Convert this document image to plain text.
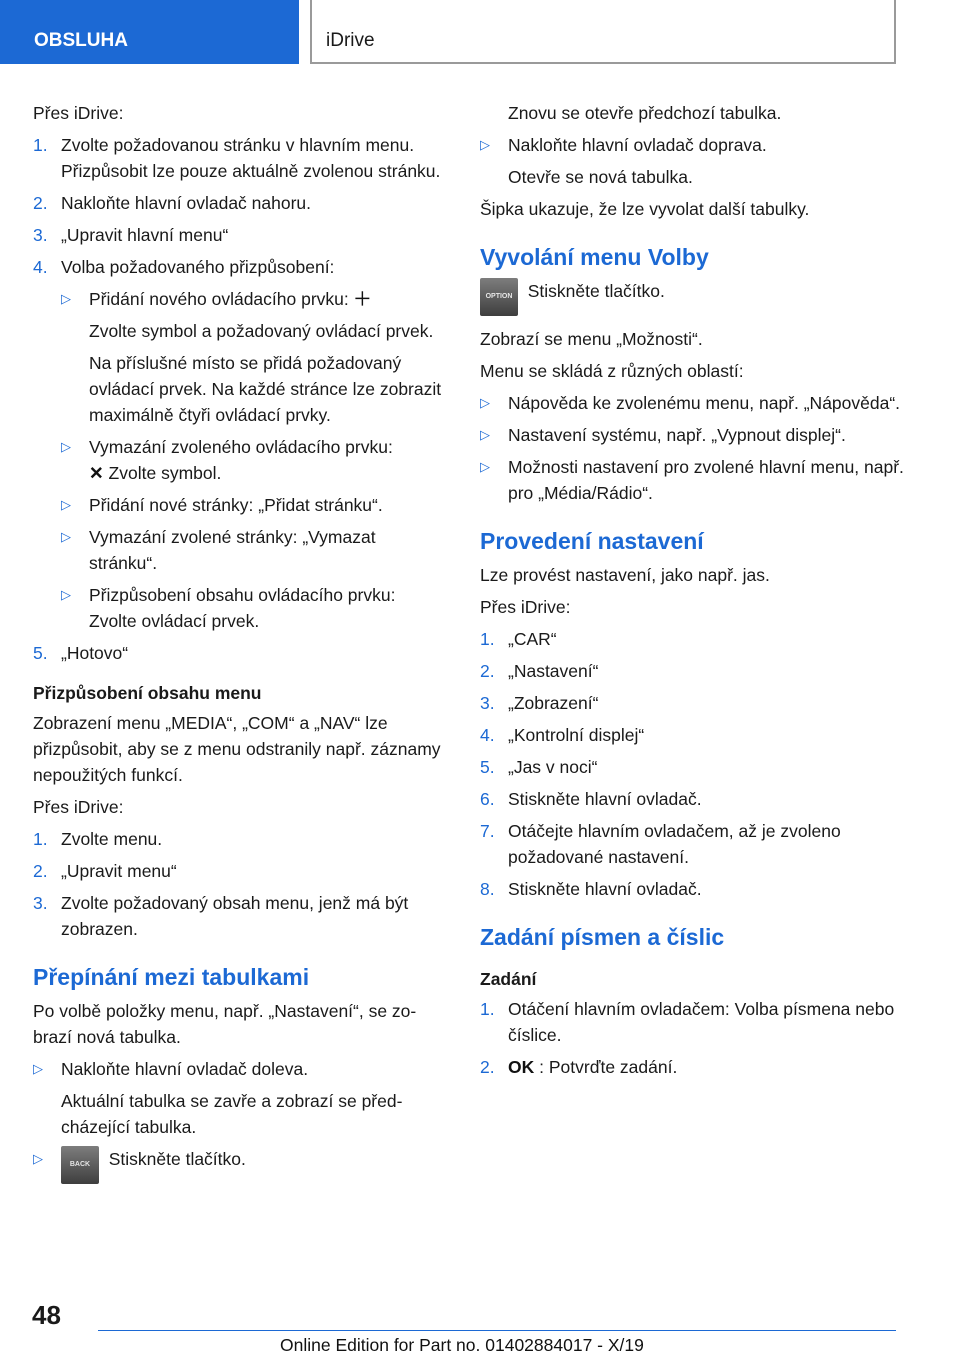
OBSLUHA	iDrive

Přes iDrive:

1. Zvolte požadovanou stránku v hlavním menu. Přizpůsobit lze pouze aktuálně zvolenou stránku.
2. Nakloňte hlavní ovladač nahoru.
3. „Upravit hlavní menu“
4. Volba požadovaného přizpůsobení:
▷ Přidání nového ovládacího prvku: ＋
Zvolte symbol a požadovaný ovládací prvek.
Na příslušné místo se přidá požadovaný ovládací prvek. Na každé stránce lze zobrazit maximálně čtyři ovládací prvky.
▷ Vymazání zvoleného ovládacího prvku:
✕ Zvolte symbol.
▷ Přidání nové stránky: „Přidat stránku“.
▷ Vymazání zvolené stránky: „Vymazat stránku“.
▷ Přizpůsobení obsahu ovládacího prvku: Zvolte ovládací prvek.
5. „Hotovo“
Přizpůsobení obsahu menu

Zobrazení menu „MEDIA“, „COM“ a „NAV“ lze přizpůsobit, aby se z menu odstranily např. záznamy nepoužitých funkcí.

Přes iDrive:

1. Zvolte menu.
2. „Upravit menu“
3. Zvolte požadovaný obsah menu, jenž má být zobrazen.
Přepínání mezi tabulkami

Po volbě položky menu, např. „Nastavení“, se zobrazí nová tabulka.

▷ Nakloňte hlavní ovladač doleva.
Aktuální tabulka se zavře a zobrazí se předcházející tabulka.
▷	BACK Stiskněte tlačítko.
Znovu se otevře předchozí tabulka.
▷ Nakloňte hlavní ovladač doprava.
Otevře se nová tabulka.

Šipka ukazuje, že lze vyvolat další tabulky.

Vyvolání menu Volby

OPTION Stiskněte tlačítko.

Zobrazí se menu „Možnosti“.

Menu se skládá z různých oblastí:

▷ Nápověda ke zvolenému menu, např. „Nápověda“.
▷ Nastavení systému, např. „Vypnout displej“.
▷ Možnosti nastavení pro zvolené hlavní menu, např. pro „Média/Rádio“.
Provedení nastavení

Lze provést nastavení, jako např. jas.

Přes iDrive:

1. „CAR“
2. „Nastavení“
3. „Zobrazení“
4. „Kontrolní displej“
5. „Jas v noci“
6. Stiskněte hlavní ovladač.
7. Otáčejte hlavním ovladačem, až je zvoleno požadované nastavení.
8. Stiskněte hlavní ovladač.
Zadání písmen a číslic
Zadání
1. Otáčení hlavním ovladačem: Volba písmena nebo číslice.
2. OK : Potvrďte zadání.
48
Online Edition for Part no. 01402884017 - X/19
